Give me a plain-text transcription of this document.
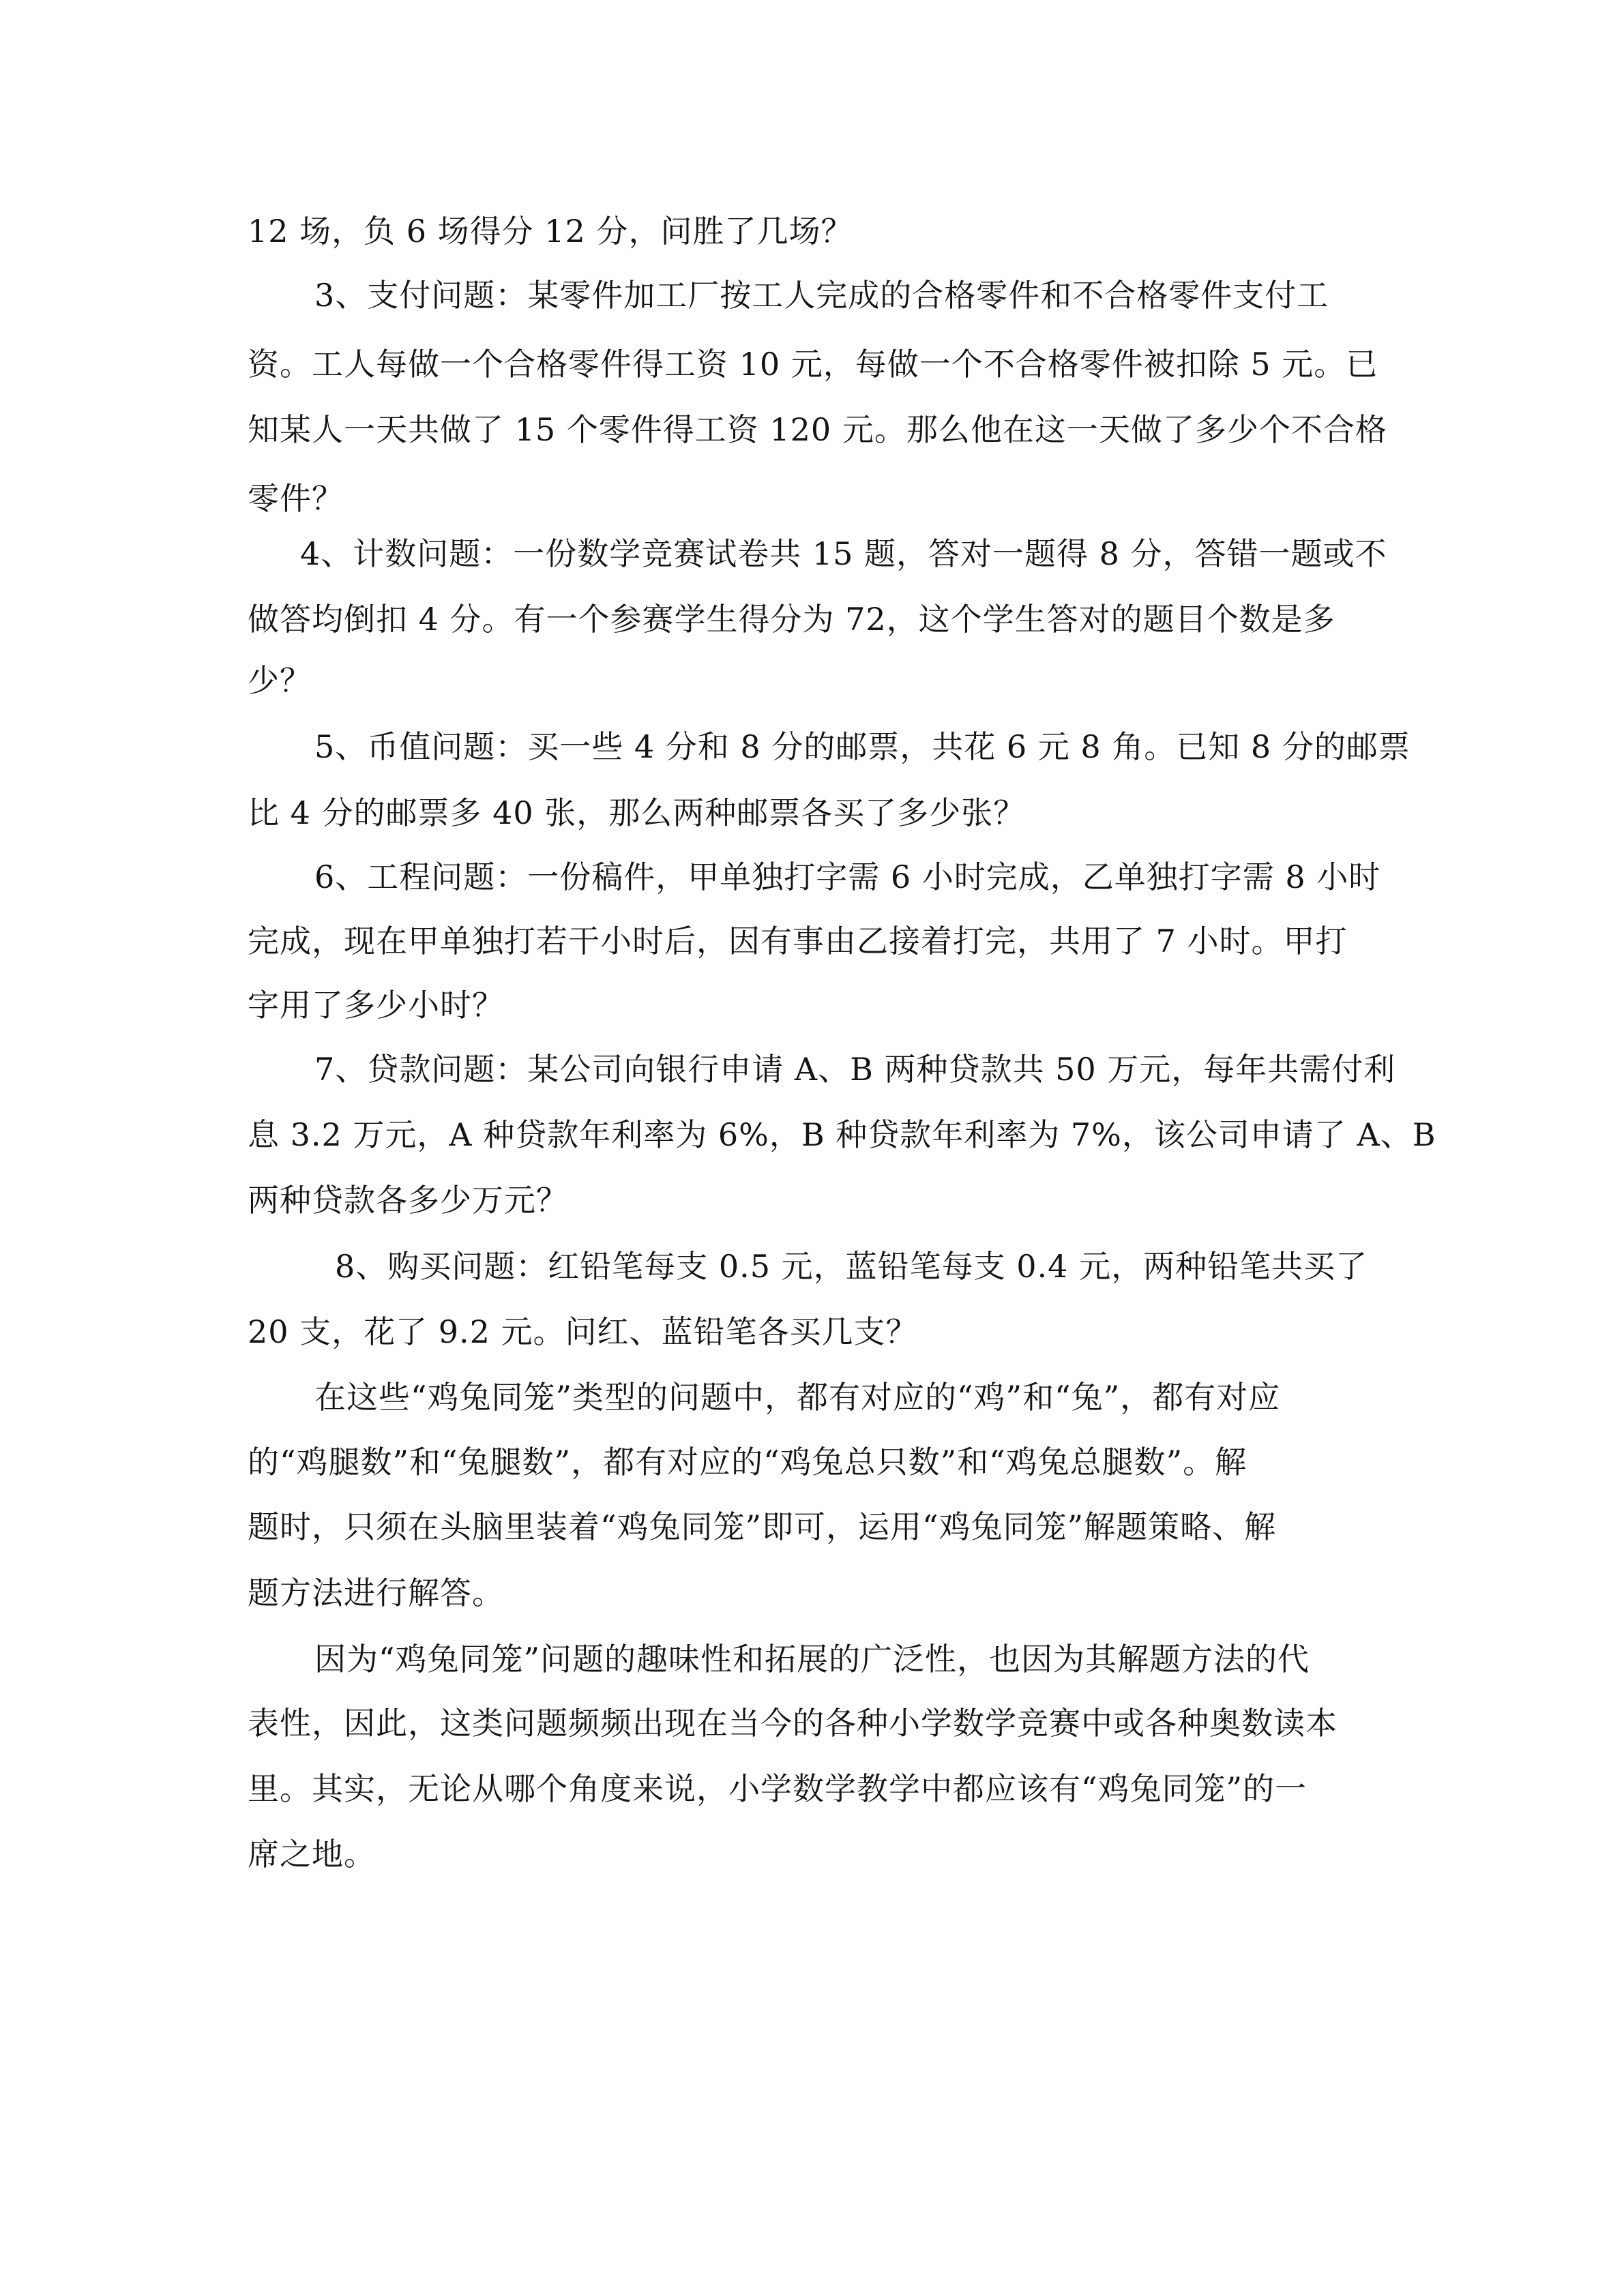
12 场，负 6 场得分 12 分，问胜了几场？
3、支付问题：某零件加工厂按工人完成的合格零件和不合格零件支付工
资。工人每做一个合格零件得工资 10 元，每做一个不合格零件被扣除 5 元。已
知某人一天共做了 15 个零件得工资 120 元。那么他在这一天做了多少个不合格
零件？
4、计数问题：一份数学竞赛试卷共 15 题，答对一题得 8 分，答错一题或不
做答均倒扣 4 分。有一个参赛学生得分为 72，这个学生答对的题目个数是多
少？
5、币值问题：买一些 4 分和 8 分的邮票，共花 6 元 8 角。已知 8 分的邮票
比 4 分的邮票多 40 张，那么两种邮票各买了多少张？
6、工程问题：一份稿件，甲单独打字需 6 小时完成，乙单独打字需 8 小时
完成，现在甲单独打若干小时后，因有事由乙接着打完，共用了 7 小时。甲打
字用了多少小时？
7、贷款问题：某公司向银行申请 A、B 两种贷款共 50 万元，每年共需付利
息 3.2 万元，A 种贷款年利率为 6%，B 种贷款年利率为 7%，该公司申请了 A、B
两种贷款各多少万元？
8、购买问题：红铅笔每支 0.5 元，蓝铅笔每支 0.4 元，两种铅笔共买了
20 支，花了 9.2 元。问红、蓝铅笔各买几支？
在这些“鸡兔同笼”类型的问题中，都有对应的“鸡”和“兔”，都有对应
的“鸡腿数”和“兔腿数”，都有对应的“鸡兔总只数”和“鸡兔总腿数”。解
题时，只须在头脑里装着“鸡兔同笼”即可，运用“鸡兔同笼”解题策略、解
题方法进行解答。
因为“鸡兔同笼”问题的趣味性和拓展的广泛性，也因为其解题方法的代
表性，因此，这类问题频频出现在当今的各种小学数学竞赛中或各种奥数读本
里。其实，无论从哪个角度来说，小学数学教学中都应该有“鸡兔同笼”的一
席之地。
